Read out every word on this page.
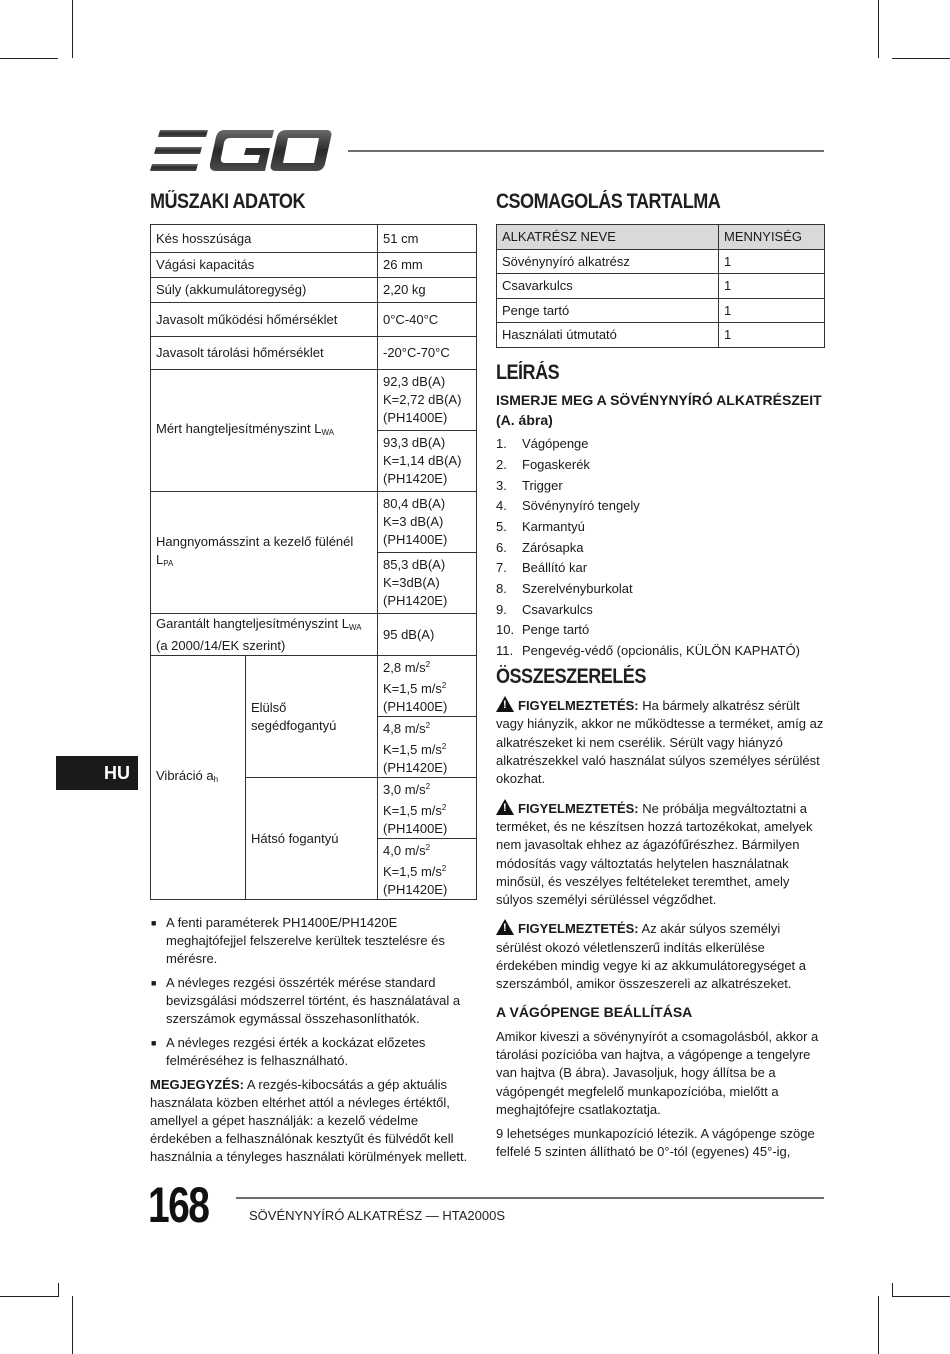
MŰSZAKI ADATOK
Kés hosszúsága		51 cm
Vágási kapacitás		26 mm
Súly (akkumulátoregység)		2,20 kg
Javasolt működési hőmérséklet		0°C-40°C
Javasolt tárolási hőmérséklet		-20°C-70°C
Mért hangteljesítményszint $L_{WA}$		92,3 dB(A)
K=2,72 dB(A)
(PH1400E)

		93,3 dB(A)
K=1,14 dB(A)
(PH1420E)

Hangnyomásszint a kezelő fülénél $L_{PA}$		80,4 dB(A)
K=3 dB(A)
(PH1400E)

		85,3 dB(A)
K=3dB(A)
(PH1420E)

Garantált hangteljesítményszint $L_{WA}$
(a 2000/14/EK szerint)		95 dB(A)
Vibráció $a_h$	Elülső segédfogantyú	2,8 $m/s^2$
K=1,5 $m/s^2$
(PH1400E)

		4,8 $m/s^2$
K=1,5 $m/s^2$
(PH1420E)

	Hátsó fogantyú	3,0 $m/s^2$
K=1,5 $m/s^2$
(PH1400E)

		4,0 $m/s^2$
K=1,5 $m/s^2$
(PH1420E)
■ A fenti paraméterek PH1400E/PH1420E meghajtófejjel felszerelve kerültek tesztelésre és mérésre.
■ A névleges rezgési összérték mérése standard bevizsgálási módszerrel történt, és használatával a szerszámok egymással összehasonlíthatók.
■ A névleges rezgési érték a kockázat előzetes felméréséhez is felhasználható.

MEGJEGYZÉS: A rezgés-kibocsátás a gép aktuális használata közben eltérhet attól a névleges értéktől, amellyel a gépet használják: a kezelő védelme érdekében a felhasználónak kesztyűt és fülvédőt kell használnia a tényleges használati körülmények mellett.

CSOMAGOLÁS TARTALMA
ALKATRÉSZ NEVE	MENNYISÉG
Sövénynyíró alkatrész	1
Csavarkulcs	1
Penge tartó	1
Használati útmutató	1
LEÍRÁS
ISMERJE MEG A SÖVÉNYNYÍRÓ ALKATRÉSZEIT (A. ábra)
1.	Vágópenge
2.	Fogaskerék
3.	Trigger
4.	Sövénynyíró tengely
5.	Karmantyú
6.	Zárósapka
7.	Beállító kar
8.	Szerelvényburkolat
9.	Csavarkulcs
10. Penge tartó
11. Pengevég-védő (opcionális, KÜLÖN KAPHATÓ)
ÖSSZESZERELÉS

!FIGYELMEZTETÉS: Ha bármely alkatrész sérült vagy hiányzik, akkor ne működtesse a terméket, amíg az alkatrészeket ki nem cserélik. Sérült vagy hiányzó alkatrészekkel való használat súlyos személyes sérülést okozhat.

!FIGYELMEZTETÉS: Ne próbálja megváltoztatni a terméket, és ne készítsen hozzá tartozékokat, amelyek nem javasoltak ehhez az ágazófűrészhez. Bármilyen módosítás vagy változtatás helytelen használatnak minősül, és veszélyes feltételeket teremthet, amely súlyos személyi sérüléssel végződhet.

!FIGYELMEZTETÉS: Az akár súlyos személyi sérülést okozó véletlenszerű indítás elkerülése érdekében mindig vegye ki az akkumulátoregységet a szerszámból, amikor összeszereli az alkatrészeket.

A VÁGÓPENGE BEÁLLÍTÁSA

Amikor kiveszi a sövénynyírót a csomagolásból, akkor a tárolási pozícióba van hajtva, a vágópenge a tengelyre van hajtva (B ábra). Javasoljuk, hogy állítsa be a vágópengét megfelelő munkapozícióba, mielőtt a meghajtófejre csatlakoztatja.

9 lehetséges munkapozíció létezik. A vágópenge szöge felfelé 5 szinten állítható be 0°-tól (egyenes) 45°-ig,

HU
168	SÖVÉNYNYÍRÓ ALKATRÉSZ — HTA2000S
